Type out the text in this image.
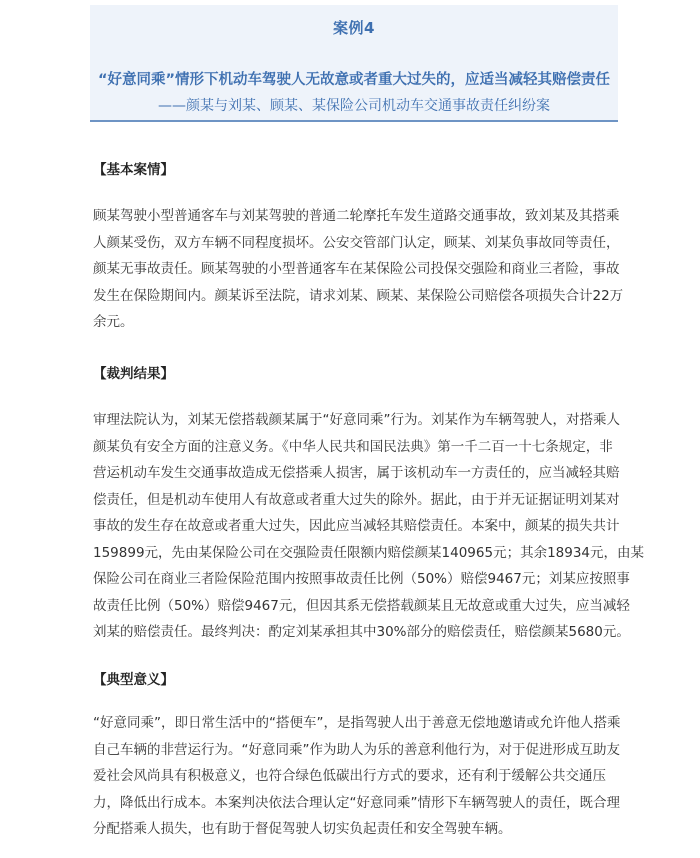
案例4
“好意同乘”情形下机动车驾驶人无故意或者重大过失的，应适当减轻其赔偿责任
——颜某与刘某、顾某、某保险公司机动车交通事故责任纠纷案
【基本案情】
顾某驾驶小型普通客车与刘某驾驶的普通二轮摩托车发生道路交通事故，致刘某及其搭乘
人颜某受伤，双方车辆不同程度损坏。公安交管部门认定，顾某、刘某负事故同等责任，
颜某无事故责任。顾某驾驶的小型普通客车在某保险公司投保交强险和商业三者险，事故
发生在保险期间内。颜某诉至法院，请求刘某、顾某、某保险公司赔偿各项损失合计22万
余元。
【裁判结果】
审理法院认为，刘某无偿搭载颜某属于“好意同乘”行为。刘某作为车辆驾驶人，对搭乘人
颜某负有安全方面的注意义务。《中华人民共和国民法典》第一千二百一十七条规定，非
营运机动车发生交通事故造成无偿搭乘人损害，属于该机动车一方责任的，应当减轻其赔
偿责任，但是机动车使用人有故意或者重大过失的除外。据此，由于并无证据证明刘某对
事故的发生存在故意或者重大过失，因此应当减轻其赔偿责任。本案中，颜某的损失共计
159899元，先由某保险公司在交强险责任限额内赔偿颜某140965元；其余18934元，由某
保险公司在商业三者险保险范围内按照事故责任比例（50%）赔偿9467元；刘某应按照事
故责任比例（50%）赔偿9467元，但因其系无偿搭载颜某且无故意或重大过失，应当减轻
刘某的赔偿责任。最终判决：酌定刘某承担其中30%部分的赔偿责任，赔偿颜某5680元。
【典型意义】
“好意同乘”，即日常生活中的“搭便车”，是指驾驶人出于善意无偿地邀请或允许他人搭乘
自己车辆的非营运行为。“好意同乘”作为助人为乐的善意利他行为，对于促进形成互助友
爱社会风尚具有积极意义，也符合绿色低碳出行方式的要求，还有利于缓解公共交通压
力，降低出行成本。本案判决依法合理认定“好意同乘”情形下车辆驾驶人的责任，既合理
分配搭乘人损失，也有助于督促驾驶人切实负起责任和安全驾驶车辆。
